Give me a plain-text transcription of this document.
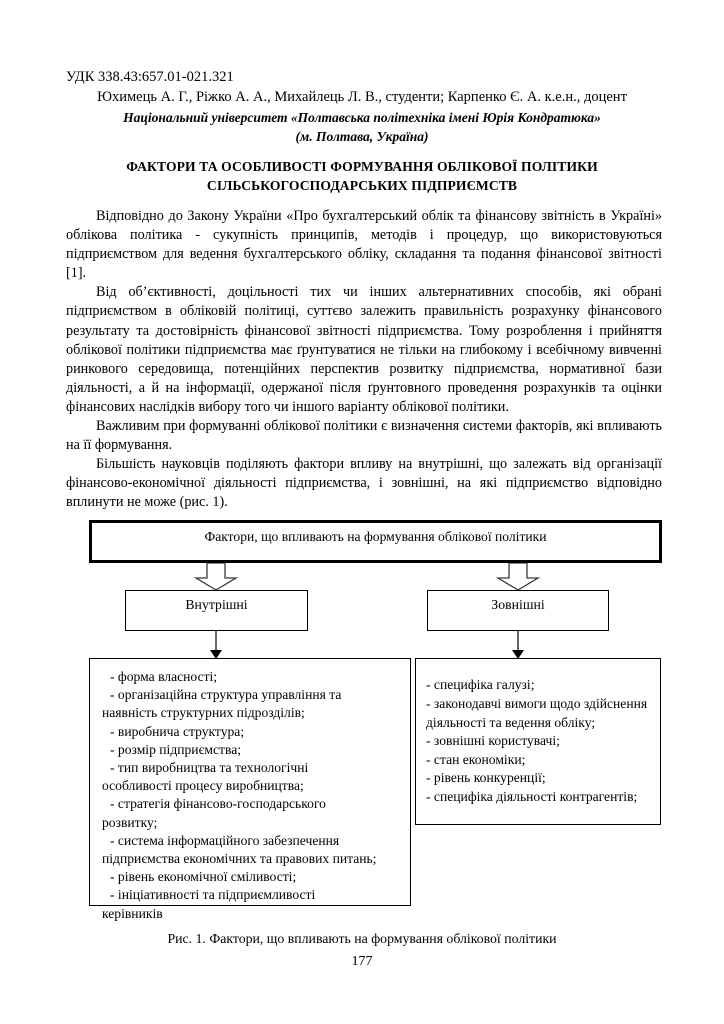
УДК 338.43:657.01-021.321
Юхимець А. Г., Ріжко А. А., Михайлець Л. В., студенти; Карпенко Є. А. к.е.н., доцент
Національний університет «Полтавська політехніка імені Юрія Кондратюка»
(м. Полтава, Україна)
ФАКТОРИ ТА ОСОБЛИВОСТІ ФОРМУВАННЯ ОБЛІКОВОЇ ПОЛІТИКИ СІЛЬСЬКОГОСПОДАРСЬКИХ ПІДПРИЄМСТВ

Відповідно до Закону України «Про бухгалтерський облік та фінансову звітність в Україні» облікова політика - сукупність принципів, методів і процедур, що використовуються підприємством для ведення бухгалтерського обліку, складання та подання фінансової звітності [1].

Від об’єктивності, доцільності тих чи інших альтернативних способів, які обрані підприємством в обліковій політиці, суттєво залежить правильність розрахунку фінансового результату та достовірність фінансової звітності підприємства. Тому розроблення і прийняття облікової політики підприємства має ґрунтуватися не тільки на глибокому і всебічному вивченні ринкового середовища, потенційних перспектив розвитку підприємства, нормативної бази діяльності, а й на інформації, одержаної після ґрунтовного проведення розрахунків та оцінки фінансових наслідків вибору того чи іншого варіанту облікової політики.

Важливим при формуванні облікової політики є визначення системи факторів, які впливають на її формування.

Більшість науковців поділяють фактори впливу на внутрішні, що залежать від організації фінансово-економічної діяльності підприємства, і зовнішні, на які підприємство відповідно вплинути не може (рис. 1).

Фактори, що впливають на формування облікової політики
Внутрішні	Зовнішні

- форма власності;

- організаційна структура управління та

наявність структурних підрозділів;

- виробнича структура;

- розмір підприємства;

- тип виробництва та технологічні

особливості процесу виробництва;

- стратегія фінансово-господарського

розвитку;

- система інформаційного забезпечення

підприємства економічних та правових питань;

- рівень економічної сміливості;

- ініціативності та підприємливості

керівників

- специфіка галузі;

- законодавчі вимоги щодо здійснення

діяльності та ведення обліку;

- зовнішні користувачі;

- стан економіки;

- рівень конкуренції;

- специфіка діяльності контрагентів;

Рис. 1. Фактори, що впливають на формування облікової політики
177
